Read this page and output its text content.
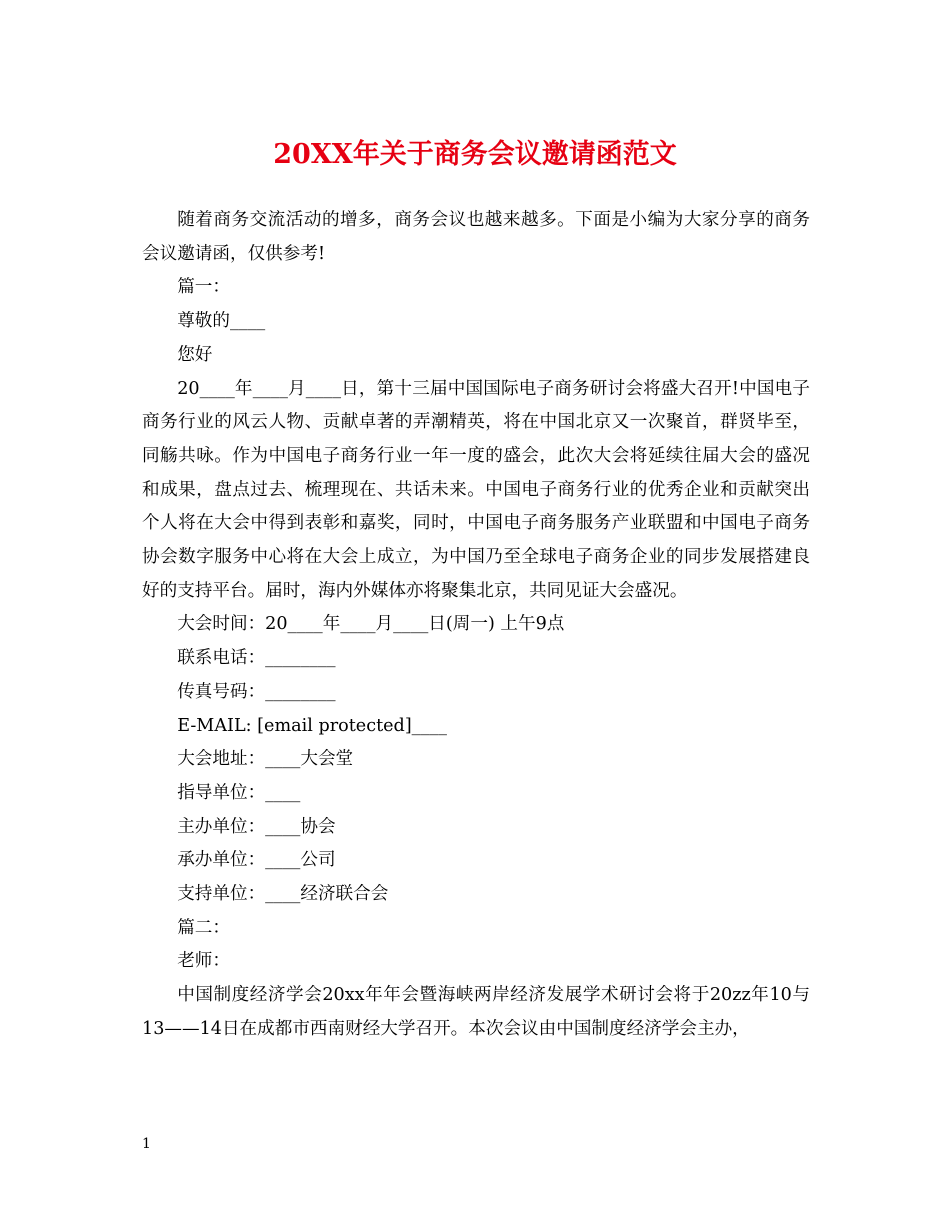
20XX年关于商务会议邀请函范文

随着商务交流活动的增多，商务会议也越来越多。下面是小编为大家分享的商务会议邀请函，仅供参考!

篇一：

尊敬的____

您好

20____年____月____日，第十三届中国国际电子商务研讨会将盛大召开!中国电子商务行业的风云人物、贡献卓著的弄潮精英，将在中国北京又一次聚首，群贤毕至，同觞共咏。作为中国电子商务行业一年一度的盛会，此次大会将延续往届大会的盛况和成果，盘点过去、梳理现在、共话未来。中国电子商务行业的优秀企业和贡献突出个人将在大会中得到表彰和嘉奖，同时，中国电子商务服务产业联盟和中国电子商务协会数字服务中心将在大会上成立，为中国乃至全球电子商务企业的同步发展搭建良好的支持平台。届时，海内外媒体亦将聚集北京，共同见证大会盛况。

大会时间：20____年____月____日(周一) 上午9点

联系电话：________

传真号码：________

E-MAIL: [email protected]____

大会地址：____大会堂

指导单位：____

主办单位：____协会

承办单位：____公司

支持单位：____经济联合会

篇二：

老师：

中国制度经济学会20xx年年会暨海峡两岸经济发展学术研讨会将于20zz年10与13——14日在成都市西南财经大学召开。本次会议由中国制度经济学会主办，

1
